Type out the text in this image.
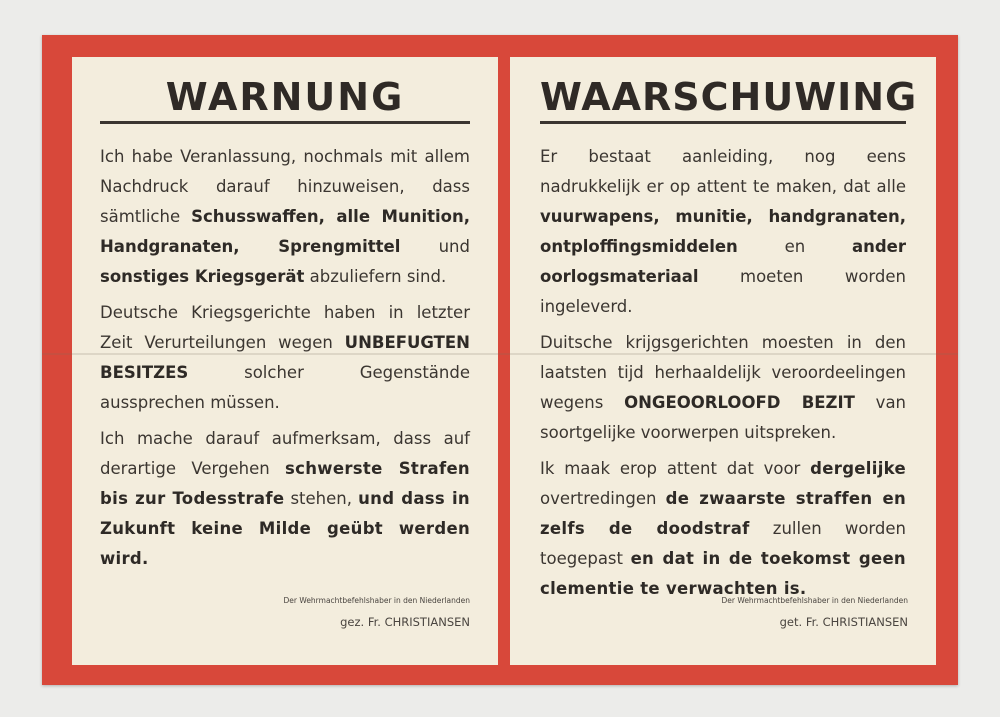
WARNUNG

Ich habe Veranlassung, nochmals mit allem Nachdruck darauf hinzuweisen, dass sämtliche Schusswaffen, alle Munition, Handgranaten, Sprengmittel und sonstiges Kriegsgerät abzuliefern sind.

Deutsche Kriegsgerichte haben in letzter Zeit Verurteilungen wegen UNBEFUGTEN BESITZES solcher Gegenstände aussprechen müssen.

Ich mache darauf aufmerksam, dass auf derartige Vergehen schwerste Strafen bis zur Todesstrafe stehen, und dass in Zukunft keine Milde geübt werden wird.

Der Wehrmachtbefehlshaber in den Niederlanden
gez. Fr. CHRISTIANSEN
WAARSCHUWING

Er bestaat aanleiding, nog eens nadrukkelijk er op attent te maken, dat alle vuurwapens, munitie, handgranaten, ontploffingsmiddelen en ander oorlogsmateriaal moeten worden ingeleverd.

Duitsche krijgsgerichten moesten in den laatsten tijd herhaaldelijk veroordeelingen wegens ONGEOORLOOFD BEZIT van soortgelijke voorwerpen uitspreken.

Ik maak erop attent dat voor dergelijke overtredingen de zwaarste straffen en zelfs de doodstraf zullen worden toegepast en dat in de toekomst geen clementie te verwachten is.

Der Wehrmachtbefehlshaber in den Niederlanden
get. Fr. CHRISTIANSEN
